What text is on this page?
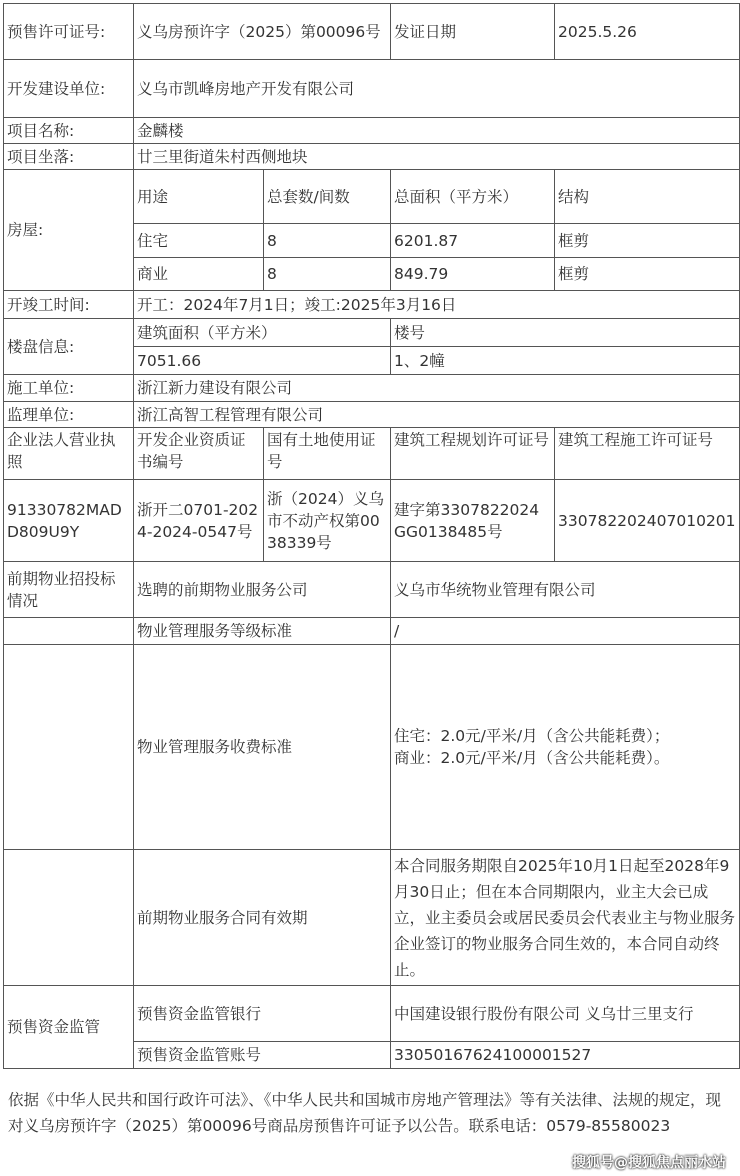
预售许可证号:	义乌房预许字（2025）第00096号		发证日期	2025.5.26
开发建设单位:	义乌市凯峰房地产开发有限公司			
项目名称:	金麟楼			
项目坐落:	廿三里街道朱村西侧地块			
房屋:	用途	总套数/间数	总面积（平方米）	结构
	住宅	8	6201.87	框剪
	商业	8	849.79	框剪
开竣工时间:	开工：2024年7月1日；竣工:2025年3月16日			
楼盘信息:	建筑面积（平方米）		楼号	
	7051.66		1、2幢	
施工单位:	浙江新力建设有限公司			
监理单位:	浙江高智工程管理有限公司			
企业法人营业执照	开发企业资质证书编号	国有土地使用证号	建筑工程规划许可证号	建筑工程施工许可证号
91330782MADD809U9Y	浙开二0701-2024-2024-0547号	浙（2024）义乌市不动产权第0038339号	建字第3307822024GG0138485号	330782202407010201
前期物业招投标情况	选聘的前期物业服务公司		义乌市华统物业管理有限公司	
	物业管理服务等级标准		/	
	物业管理服务收费标准		住宅：2.0元/平米/月（含公共能耗费）；
商业：2.0元/平米/月（含公共能耗费）。	

	前期物业服务合同有效期		本合同服务期限自2025年10月1日起至2028年9月30日止；但在本合同期限内，业主大会已成立，业主委员会或居民委员会代表业主与物业服务企业签订的物业服务合同生效的，本合同自动终止。	
预售资金监管	预售资金监管银行		中国建设银行股份有限公司 义乌廿三里支行	
	预售资金监管账号		33050167624100001527	
依据《中华人民共和国行政许可法》、《中华人民共和国城市房地产管理法》等有关法律、法规的规定，现对义乌房预许字（2025）第00096号商品房预售许可证予以公告。联系电话：0579-85580023
搜狐号@搜狐焦点丽水站
